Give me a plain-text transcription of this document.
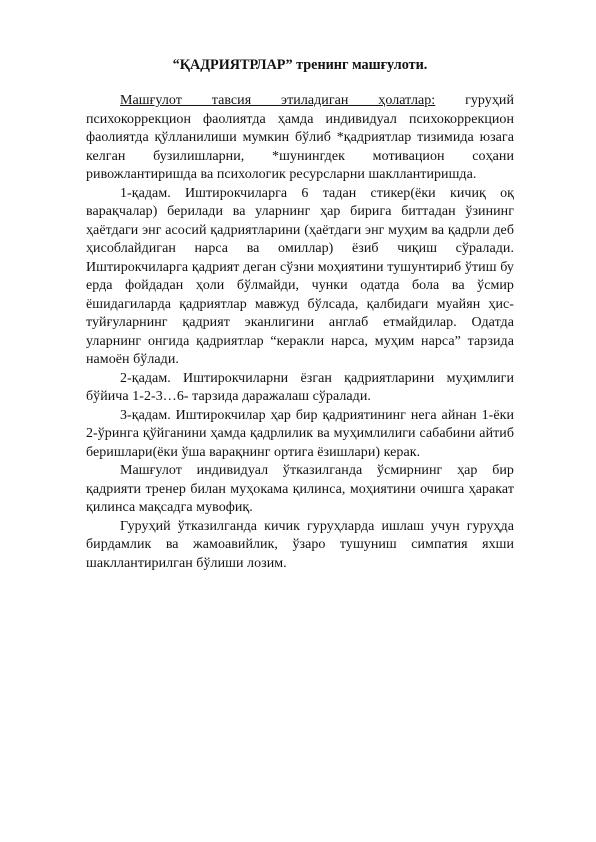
“ҚАДРИЯТРЛАР” тренинг машғулоти.

Машғулот тавсия этиладиган ҳолатлар: гуруҳий психокоррекцион фаолиятда ҳамда индивидуал психокоррекцион фаолиятда қўлланилиши мумкин бўлиб *қадриятлар тизимида юзага келган бузилишларни, *шунингдек мотивацион соҳани ривожлантиришда ва психологик ресурсларни шакллантиришда.

1-қадам. Иштирокчиларга 6 тадан стикер(ёки кичиқ оқ варақчалар) берилади ва уларнинг ҳар бирига биттадан ўзининг ҳаётдаги энг асосий қадриятларини (ҳаётдаги энг муҳим ва қадрли деб ҳисоблайдиган нарса ва омиллар) ёзиб чиқиш сўралади. Иштирокчиларга қадрият деган сўзни моҳиятини тушунтириб ўтиш бу ерда фойдадан ҳоли бўлмайди, чунки одатда бола ва ўсмир ёшидагиларда қадриятлар мавжуд бўлсада, қалбидаги муайян ҳис-туйғуларнинг қадрият эканлигини англаб етмайдилар. Одатда уларнинг онгида қадриятлар “керакли нарса, муҳим нарса” тарзида намоён бўлади.

2-қадам. Иштирокчиларни ёзган қадриятларини муҳимлиги бўйича 1-2-3…6- тарзида даражалаш сўралади.

3-қадам. Иштирокчилар ҳар бир қадриятининг нега айнан 1-ёки 2-ўринга қўйганини ҳамда қадрлилик ва муҳимлилиги сабабини айтиб беришлари(ёки ўша варақнинг ортига ёзишлари) керак.

Машғулот индивидуал ўтказилганда ўсмирнинг ҳар бир қадрияти тренер билан муҳокама қилинса, моҳиятини очишга ҳаракат қилинса мақсадга мувофиқ.

Гуруҳий ўтказилганда кичик гуруҳларда ишлаш учун гуруҳда бирдамлик ва жамоавийлик, ўзаро тушуниш симпатия яхши шакллантирилган бўлиши лозим.
